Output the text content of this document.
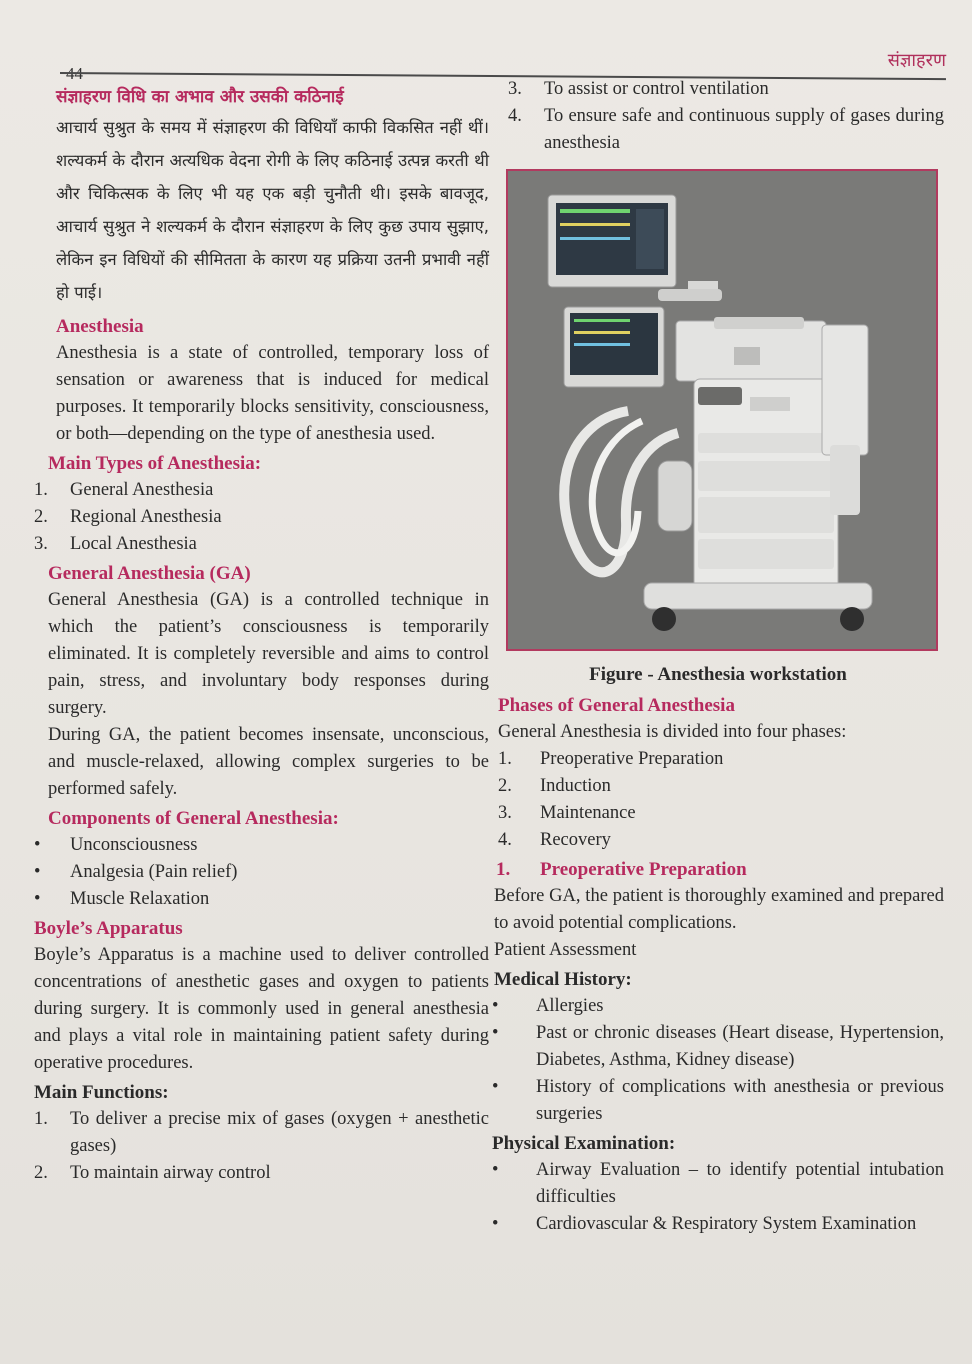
44
संज्ञाहरण

संज्ञाहरण विधि का अभाव और उसकी कठिनाई

आचार्य सुश्रुत के समय में संज्ञाहरण की विधियाँ काफी विकसित नहीं थीं। शल्यकर्म के दौरान अत्यधिक वेदना रोगी के लिए कठिनाई उत्पन्न करती थी और चिकित्सक के लिए भी यह एक बड़ी चुनौती थी। इसके बावजूद, आचार्य सुश्रुत ने शल्यकर्म के दौरान संज्ञाहरण के लिए कुछ उपाय सुझाए, लेकिन इन विधियों की सीमितता के कारण यह प्रक्रिया उतनी प्रभावी नहीं हो पाई।

Anesthesia

Anesthesia is a state of controlled, temporary loss of sensation or awareness that is induced for medical purposes. It temporarily blocks sensitivity, consciousness, or both—depending on the type of anesthesia used.

Main Types of Anesthesia:

1.	General Anesthesia
2.	Regional Anesthesia
3.	Local Anesthesia

General Anesthesia (GA)

General Anesthesia (GA) is a controlled technique in which the patient’s consciousness is temporarily eliminated. It is completely reversible and aims to control pain, stress, and involuntary body responses during surgery.

During GA, the patient becomes insensate, unconscious, and muscle-relaxed, allowing complex surgeries to be performed safely.

Components of General Anesthesia:

•	Unconsciousness
•	Analgesia (Pain relief)
•	Muscle Relaxation

Boyle’s Apparatus

Boyle’s Apparatus is a machine used to deliver controlled concentrations of anesthetic gases and oxygen to patients during surgery. It is commonly used in general anesthesia and plays a vital role in maintaining patient safety during operative procedures.

Main Functions:

1.	To deliver a precise mix of gases (oxygen + anesthetic gases)
2.	To maintain airway control
3.	To assist or control ventilation
4.	To ensure safe and continuous supply of gases during anesthesia

Figure - Anesthesia workstation

Phases of General Anesthesia

General Anesthesia is divided into four phases:

1.	Preoperative Preparation
2.	Induction
3.	Maintenance
4.	Recovery
1.	Preoperative Preparation

Before GA, the patient is thoroughly examined and prepared to avoid potential complications.

Patient Assessment

Medical History:

•	Allergies
•	Past or chronic diseases (Heart disease, Hypertension, Diabetes, Asthma, Kidney disease)
•	History of complications with anesthesia or previous surgeries

Physical Examination:

•	Airway Evaluation – to identify potential intubation difficulties
•	Cardiovascular & Respiratory System Examination
